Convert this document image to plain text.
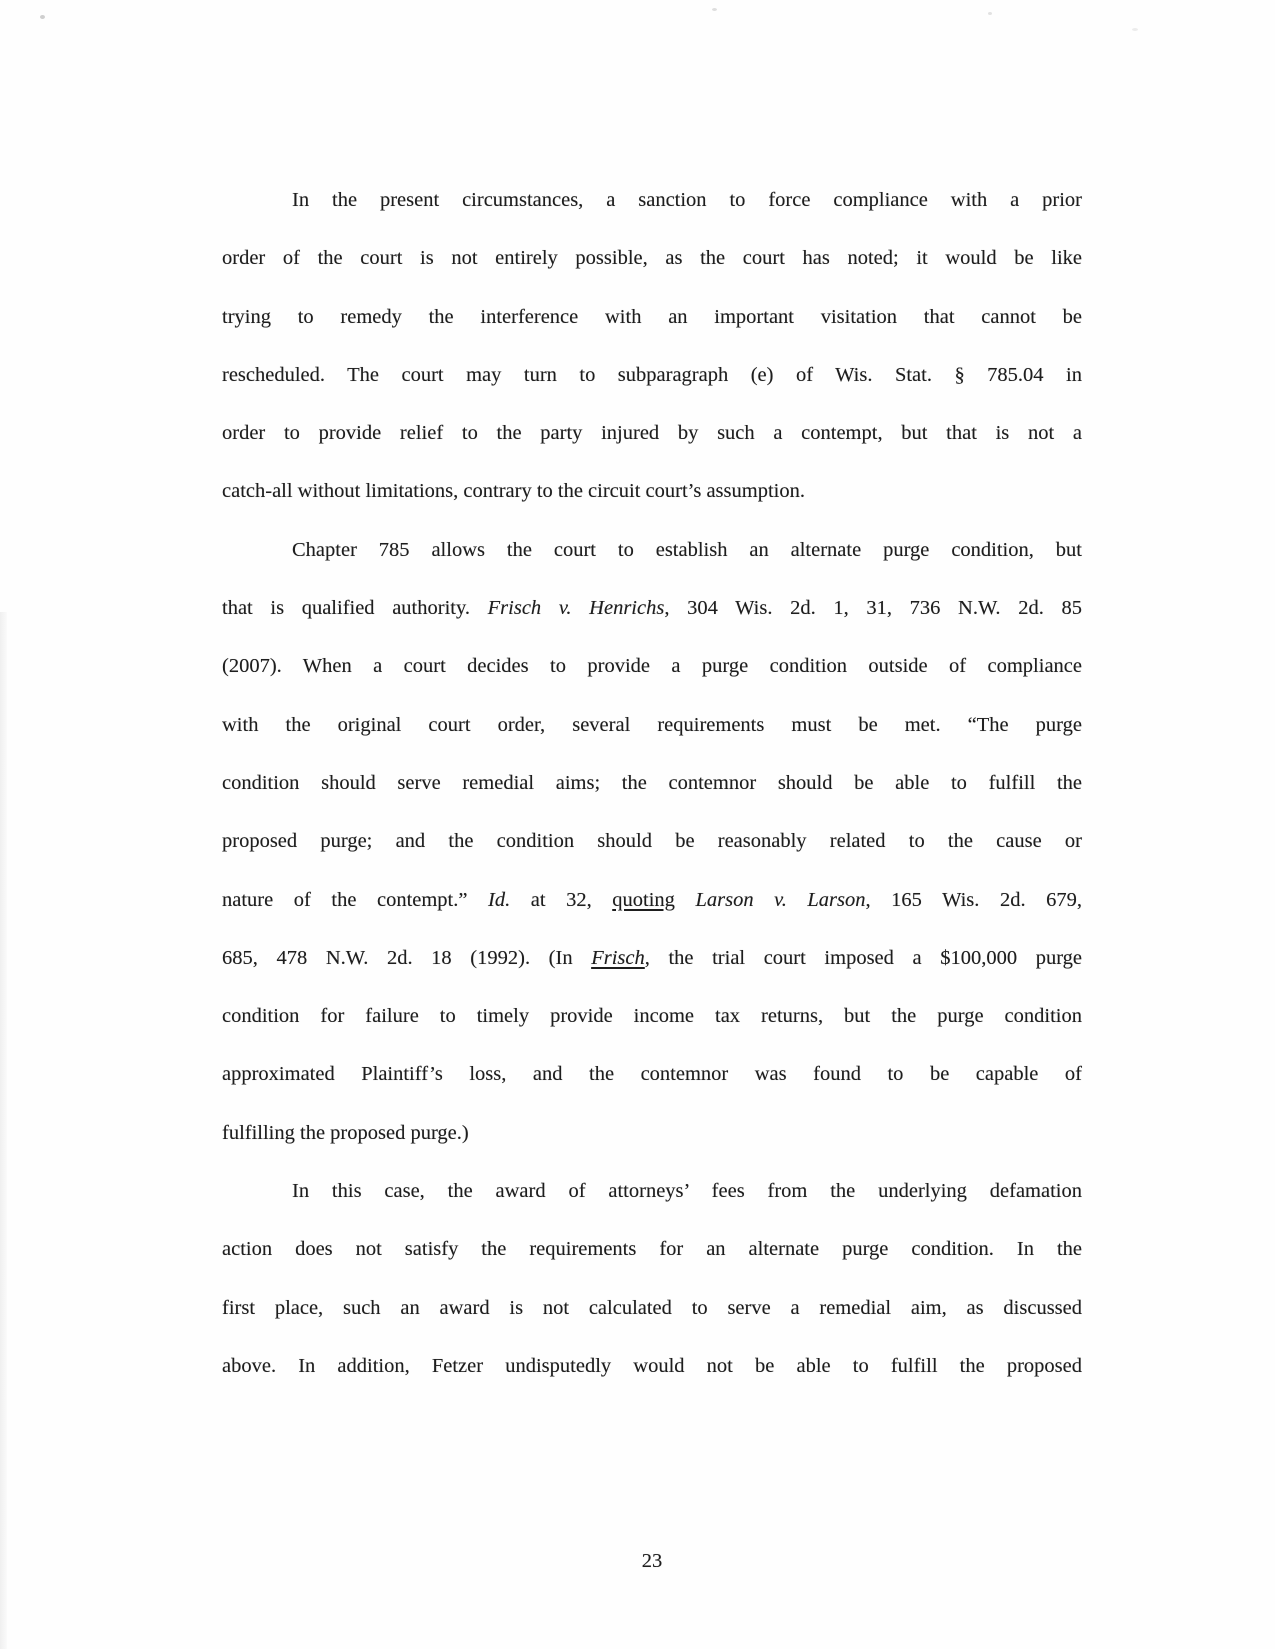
In the present circumstances, a sanction to force compliance with a prior
order of the court is not entirely possible, as the court has noted; it would be like
trying to remedy the interference with an important visitation that cannot be
rescheduled. The court may turn to subparagraph (e) of Wis. Stat. § 785.04 in
order to provide relief to the party injured by such a contempt, but that is not a
catch-all without limitations, contrary to the circuit court’s assumption.
Chapter 785 allows the court to establish an alternate purge condition, but
that is qualified authority. Frisch v. Henrichs, 304 Wis. 2d. 1, 31, 736 N.W. 2d. 85
(2007). When a court decides to provide a purge condition outside of compliance
with the original court order, several requirements must be met. “The purge
condition should serve remedial aims; the contemnor should be able to fulfill the
proposed purge; and the condition should be reasonably related to the cause or
nature of the contempt.” Id. at 32, quoting Larson v. Larson, 165 Wis. 2d. 679,
685, 478 N.W. 2d. 18 (1992). (In Frisch, the trial court imposed a $100,000 purge
condition for failure to timely provide income tax returns, but the purge condition
approximated Plaintiff’s loss, and the contemnor was found to be capable of
fulfilling the proposed purge.)
In this case, the award of attorneys’ fees from the underlying defamation
action does not satisfy the requirements for an alternate purge condition. In the
first place, such an award is not calculated to serve a remedial aim, as discussed
above. In addition, Fetzer undisputedly would not be able to fulfill the proposed
23
